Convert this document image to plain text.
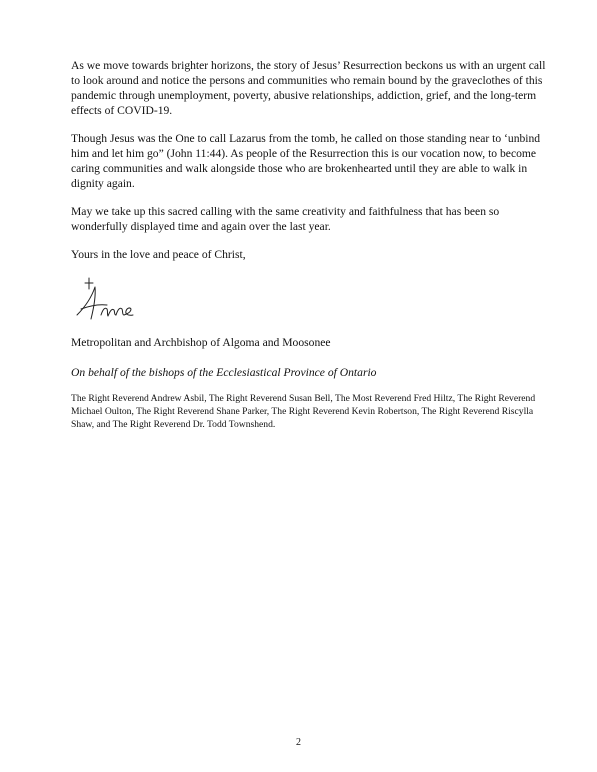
As we move towards brighter horizons, the story of Jesus’ Resurrection beckons us with an urgent call to look around and notice the persons and communities who remain bound by the graveclothes of this pandemic through unemployment, poverty, abusive relationships, addiction, grief, and the long-term effects of COVID-19.

Though Jesus was the One to call Lazarus from the tomb, he called on those standing near to ‘unbind him and let him go” (John 11:44). As people of the Resurrection this is our vocation now, to become caring communities and walk alongside those who are brokenhearted until they are able to walk in dignity again.

May we take up this sacred calling with the same creativity and faithfulness that has been so wonderfully displayed time and again over the last year.

Yours in the love and peace of Christ,

Metropolitan and Archbishop of Algoma and Moosonee

On behalf of the bishops of the Ecclesiastical Province of Ontario

The Right Reverend Andrew Asbil, The Right Reverend Susan Bell, The Most Reverend Fred Hiltz, The Right Reverend Michael Oulton, The Right Reverend Shane Parker, The Right Reverend Kevin Robertson, The Right Reverend Riscylla Shaw, and The Right Reverend Dr. Todd Townshend.

2
